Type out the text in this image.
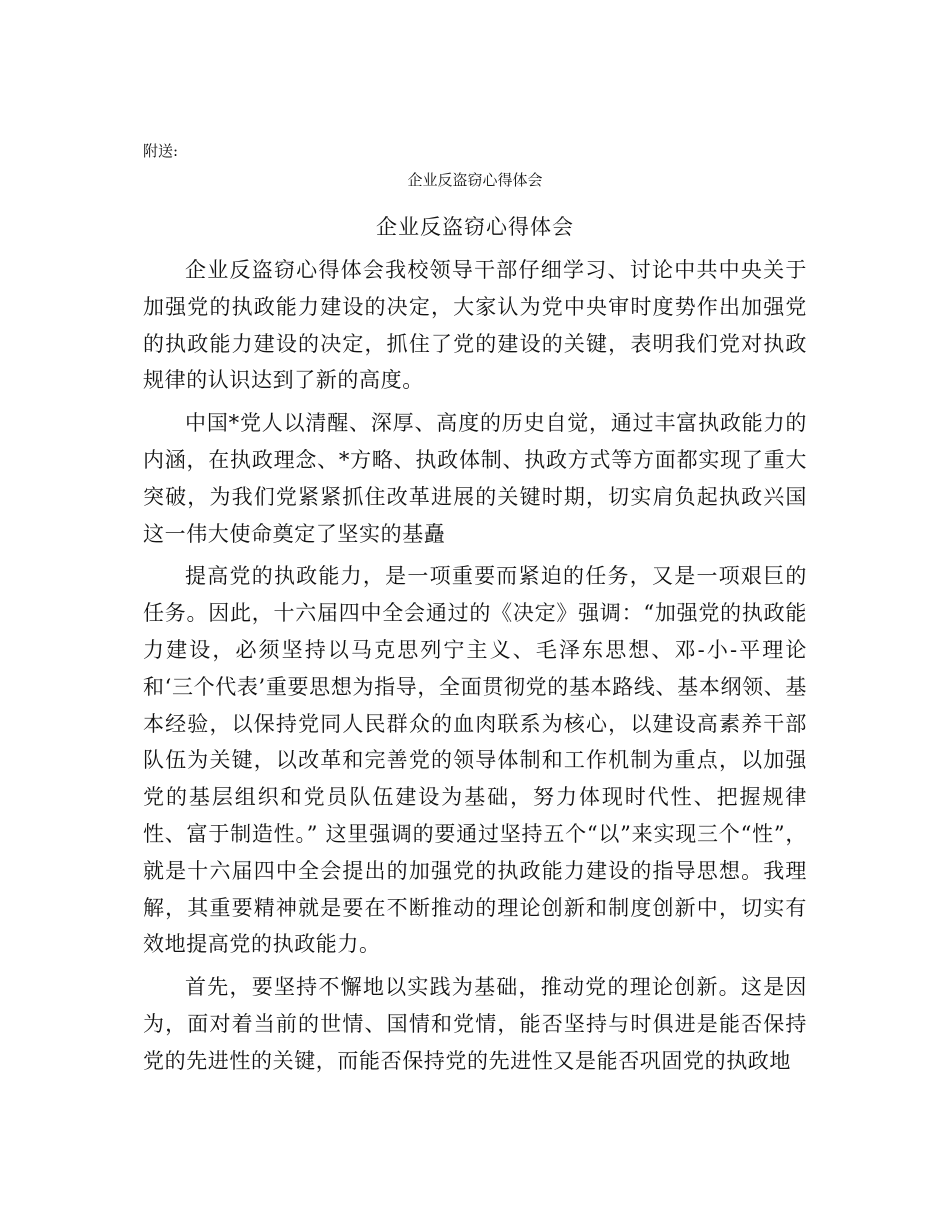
附送:
企业反盗窃心得体会
企业反盗窃心得体会

企业反盗窃心得体会我校领导干部仔细学习、讨论中共中央关于加强党的执政能力建设的决定，大家认为党中央审时度势作出加强党的执政能力建设的决定，抓住了党的建设的关键，表明我们党对执政规律的认识达到了新的高度。

中国*党人以清醒、深厚、高度的历史自觉，通过丰富执政能力的内涵，在执政理念、*方略、执政体制、执政方式等方面都实现了重大突破，为我们党紧紧抓住改革进展的关键时期，切实肩负起执政兴国这一伟大使命奠定了坚实的基矗

提高党的执政能力，是一项重要而紧迫的任务，又是一项艰巨的任务。因此，十六届四中全会通过的《决定》强调：“加强党的执政能力建设，必须坚持以马克思列宁主义、毛泽东思想、邓-小-平理论和‘三个代表’重要思想为指导，全面贯彻党的基本路线、基本纲领、基本经验，以保持党同人民群众的血肉联系为核心，以建设高素养干部队伍为关键，以改革和完善党的领导体制和工作机制为重点，以加强党的基层组织和党员队伍建设为基础，努力体现时代性、把握规律性、富于制造性。” 这里强调的要通过坚持五个“以”来实现三个“性”，就是十六届四中全会提出的加强党的执政能力建设的指导思想。我理解，其重要精神就是要在不断推动的理论创新和制度创新中，切实有效地提高党的执政能力。

首先，要坚持不懈地以实践为基础，推动党的理论创新。这是因为，面对着当前的世情、国情和党情，能否坚持与时俱进是能否保持党的先进性的关键，而能否保持党的先进性又是能否巩固党的执政地
